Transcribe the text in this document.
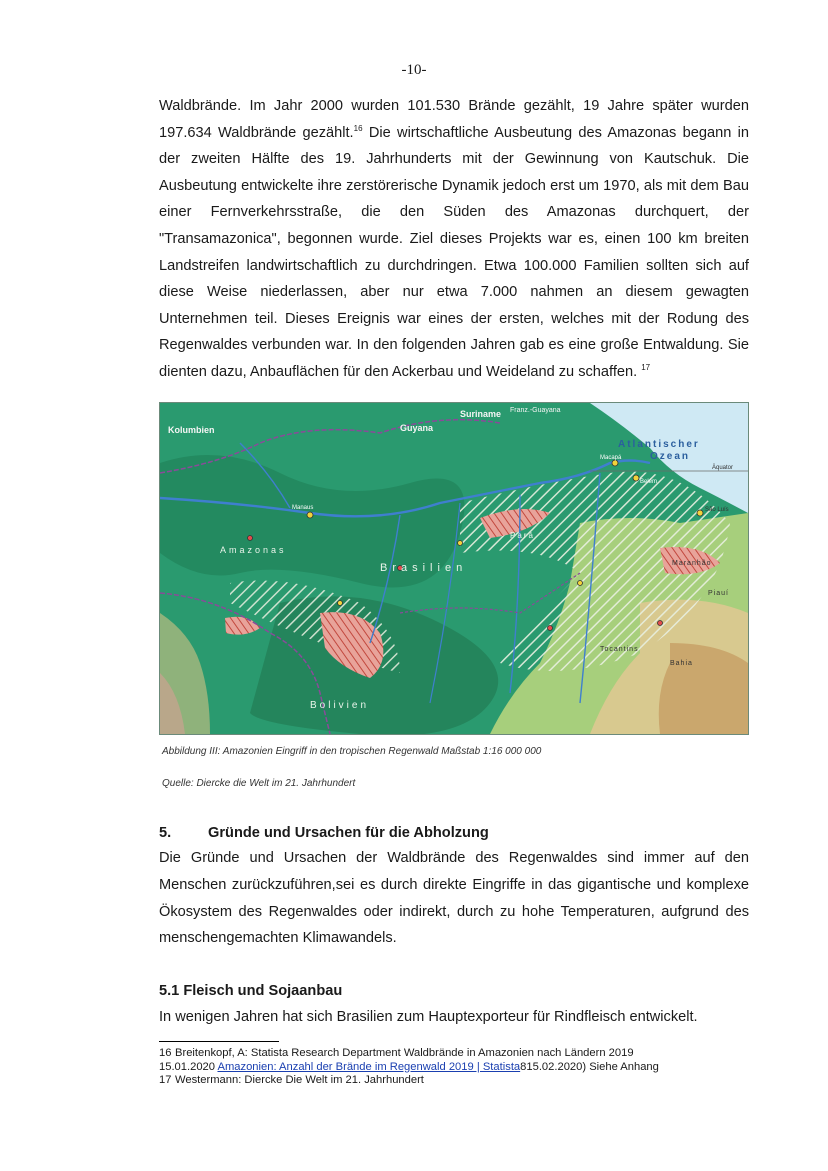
-10-

Waldbrände. Im Jahr 2000 wurden 101.530 Brände gezählt, 19 Jahre später wurden 197.634 Waldbrände gezählt.$^{16}$ Die wirtschaftliche Ausbeutung des Amazonas begann in der zweiten Hälfte des 19. Jahrhunderts mit der Gewinnung von Kautschuk. Die Ausbeutung entwickelte ihre zerstörerische Dynamik jedoch erst um 1970, als mit dem Bau einer Fernverkehrsstraße, die den Süden des Amazonas durchquert, der "Transamazonica", begonnen wurde. Ziel dieses Projekts war es, einen 100 km breiten Landstreifen landwirtschaftlich zu durchdringen. Etwa 100.000 Familien sollten sich auf diese Weise niederlassen, aber nur etwa 7.000 nahmen an diesem gewagten Unternehmen teil. Dieses Ereignis war eines der ersten, welches mit der Rodung des Regenwaldes verbunden war. In den folgenden Jahren gab es eine große Entwaldung. Sie dienten dazu, Anbauflächen für den Ackerbau und Weideland zu schaffen. $^{17}$

Kolumbien	Guyana
Suriname Franz.-Guayana
Atlantischer
Ozean
Äquator
Amazonas
Brasilien
Bolivien
Maranhão
Piauí
Tocantins
Bahia
Pará
Macapá
Belém
São Luís
Manaus
Abbildung III: Amazonien Eingriff in den tropischen Regenwald Maßstab 1:16 000 000
Quelle: Diercke die Welt im 21. Jahrhundert
5.	Gründe und Ursachen für die Abholzung

Die Gründe und Ursachen der Waldbrände des Regenwaldes sind immer auf den Menschen zurückzuführen,sei es durch direkte Eingriffe in das gigantische und komplexe Ökosystem des Regenwaldes oder indirekt, durch zu hohe Temperaturen, aufgrund des menschengemachten Klimawandels.

5.1 Fleisch und Sojaanbau

In wenigen Jahren hat sich Brasilien zum Hauptexporteur für Rindfleisch entwickelt.

16 Breitenkopf, A: Statista Research Department Waldbrände in Amazonien nach Ländern 2019

15.01.2020 Amazonien: Anzahl der Brände im Regenwald 2019 | Statista815.02.2020) Siehe Anhang

17 Westermann: Diercke Die Welt im 21. Jahrhundert
